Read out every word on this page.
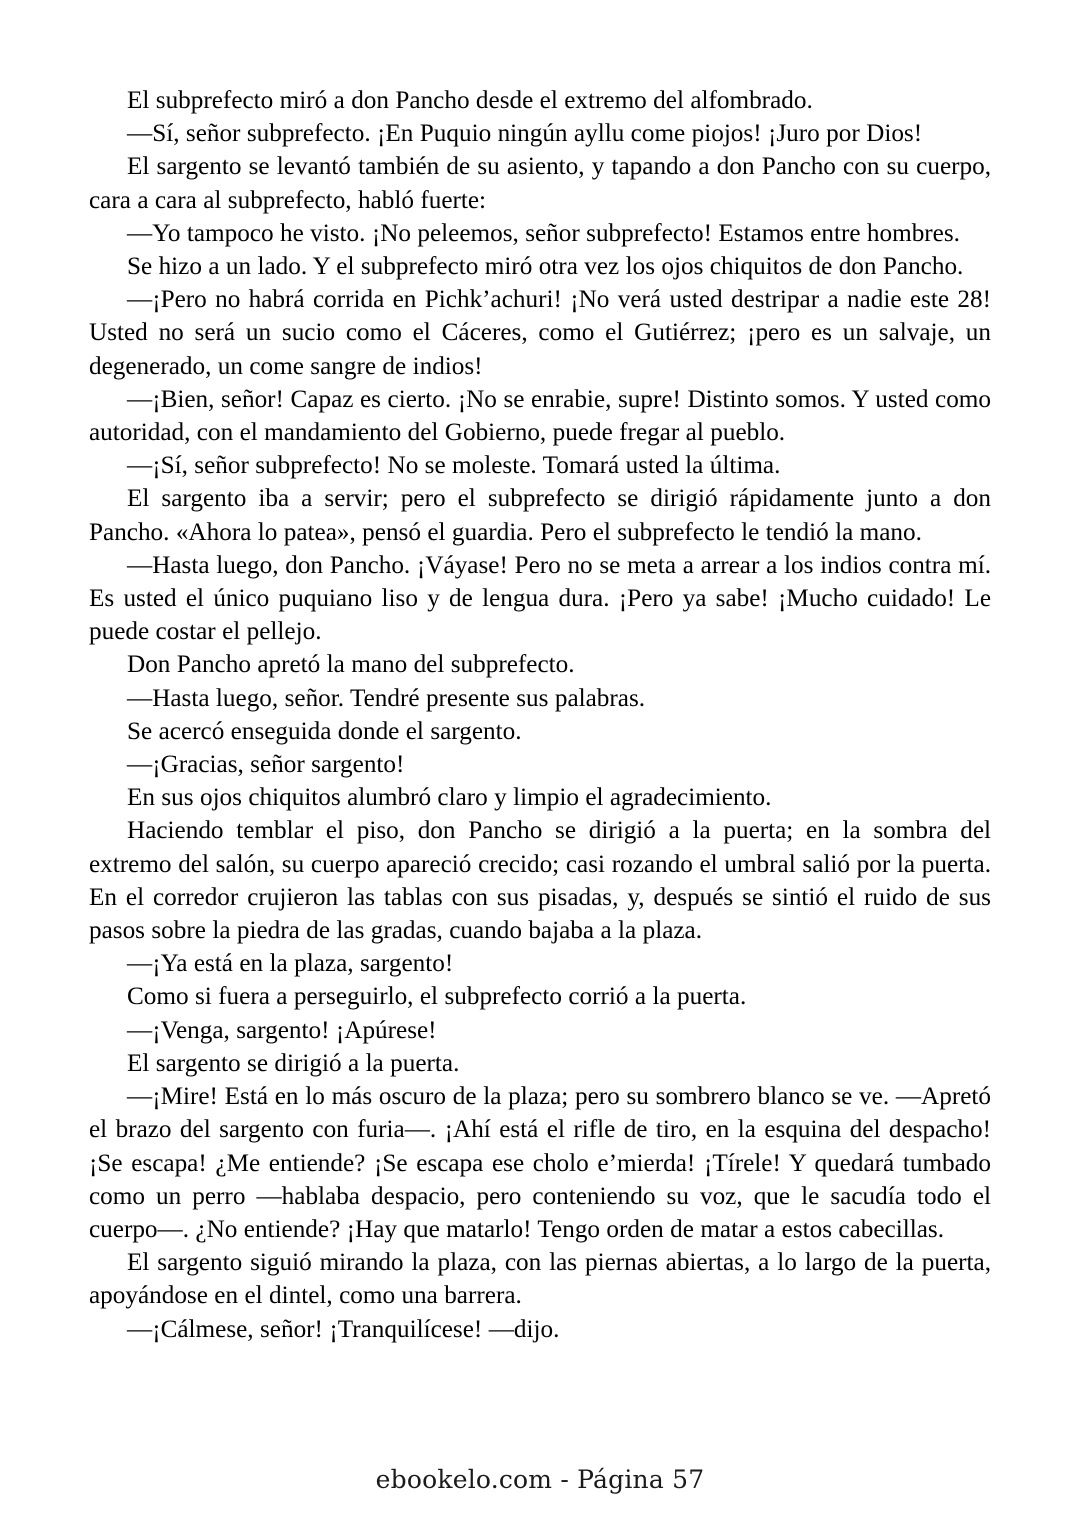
El subprefecto miró a don Pancho desde el extremo del alfombrado.

—Sí, señor subprefecto. ¡En Puquio ningún ayllu come piojos! ¡Juro por Dios!

El sargento se levantó también de su asiento, y tapando a don Pancho con su cuerpo, cara a cara al subprefecto, habló fuerte:

—Yo tampoco he visto. ¡No peleemos, señor subprefecto! Estamos entre hombres.

Se hizo a un lado. Y el subprefecto miró otra vez los ojos chiquitos de don Pancho.

—¡Pero no habrá corrida en Pichk’achuri! ¡No verá usted destripar a nadie este 28! Usted no será un sucio como el Cáceres, como el Gutiérrez; ¡pero es un salvaje, un degenerado, un come sangre de indios!

—¡Bien, señor! Capaz es cierto. ¡No se enrabie, supre! Distinto somos. Y usted como autoridad, con el mandamiento del Gobierno, puede fregar al pueblo.

—¡Sí, señor subprefecto! No se moleste. Tomará usted la última.

El sargento iba a servir; pero el subprefecto se dirigió rápidamente junto a don Pancho. «Ahora lo patea», pensó el guardia. Pero el subprefecto le tendió la mano.

—Hasta luego, don Pancho. ¡Váyase! Pero no se meta a arrear a los indios contra mí. Es usted el único puquiano liso y de lengua dura. ¡Pero ya sabe! ¡Mucho cuidado! Le puede costar el pellejo.

Don Pancho apretó la mano del subprefecto.

—Hasta luego, señor. Tendré presente sus palabras.

Se acercó enseguida donde el sargento.

—¡Gracias, señor sargento!

En sus ojos chiquitos alumbró claro y limpio el agradecimiento.

Haciendo temblar el piso, don Pancho se dirigió a la puerta; en la sombra del extremo del salón, su cuerpo apareció crecido; casi rozando el umbral salió por la puerta. En el corredor crujieron las tablas con sus pisadas, y, después se sintió el ruido de sus pasos sobre la piedra de las gradas, cuando bajaba a la plaza.

—¡Ya está en la plaza, sargento!

Como si fuera a perseguirlo, el subprefecto corrió a la puerta.

—¡Venga, sargento! ¡Apúrese!

El sargento se dirigió a la puerta.

—¡Mire! Está en lo más oscuro de la plaza; pero su sombrero blanco se ve. —Apretó el brazo del sargento con furia—. ¡Ahí está el rifle de tiro, en la esquina del despacho! ¡Se escapa! ¿Me entiende? ¡Se escapa ese cholo e’mierda! ¡Tírele! Y quedará tumbado como un perro —hablaba despacio, pero conteniendo su voz, que le sacudía todo el cuerpo—. ¿No entiende? ¡Hay que matarlo! Tengo orden de matar a estos cabecillas.

El sargento siguió mirando la plaza, con las piernas abiertas, a lo largo de la puerta, apoyándose en el dintel, como una barrera.

—¡Cálmese, señor! ¡Tranquilícese! —dijo.

ebookelo.com - Página 57
